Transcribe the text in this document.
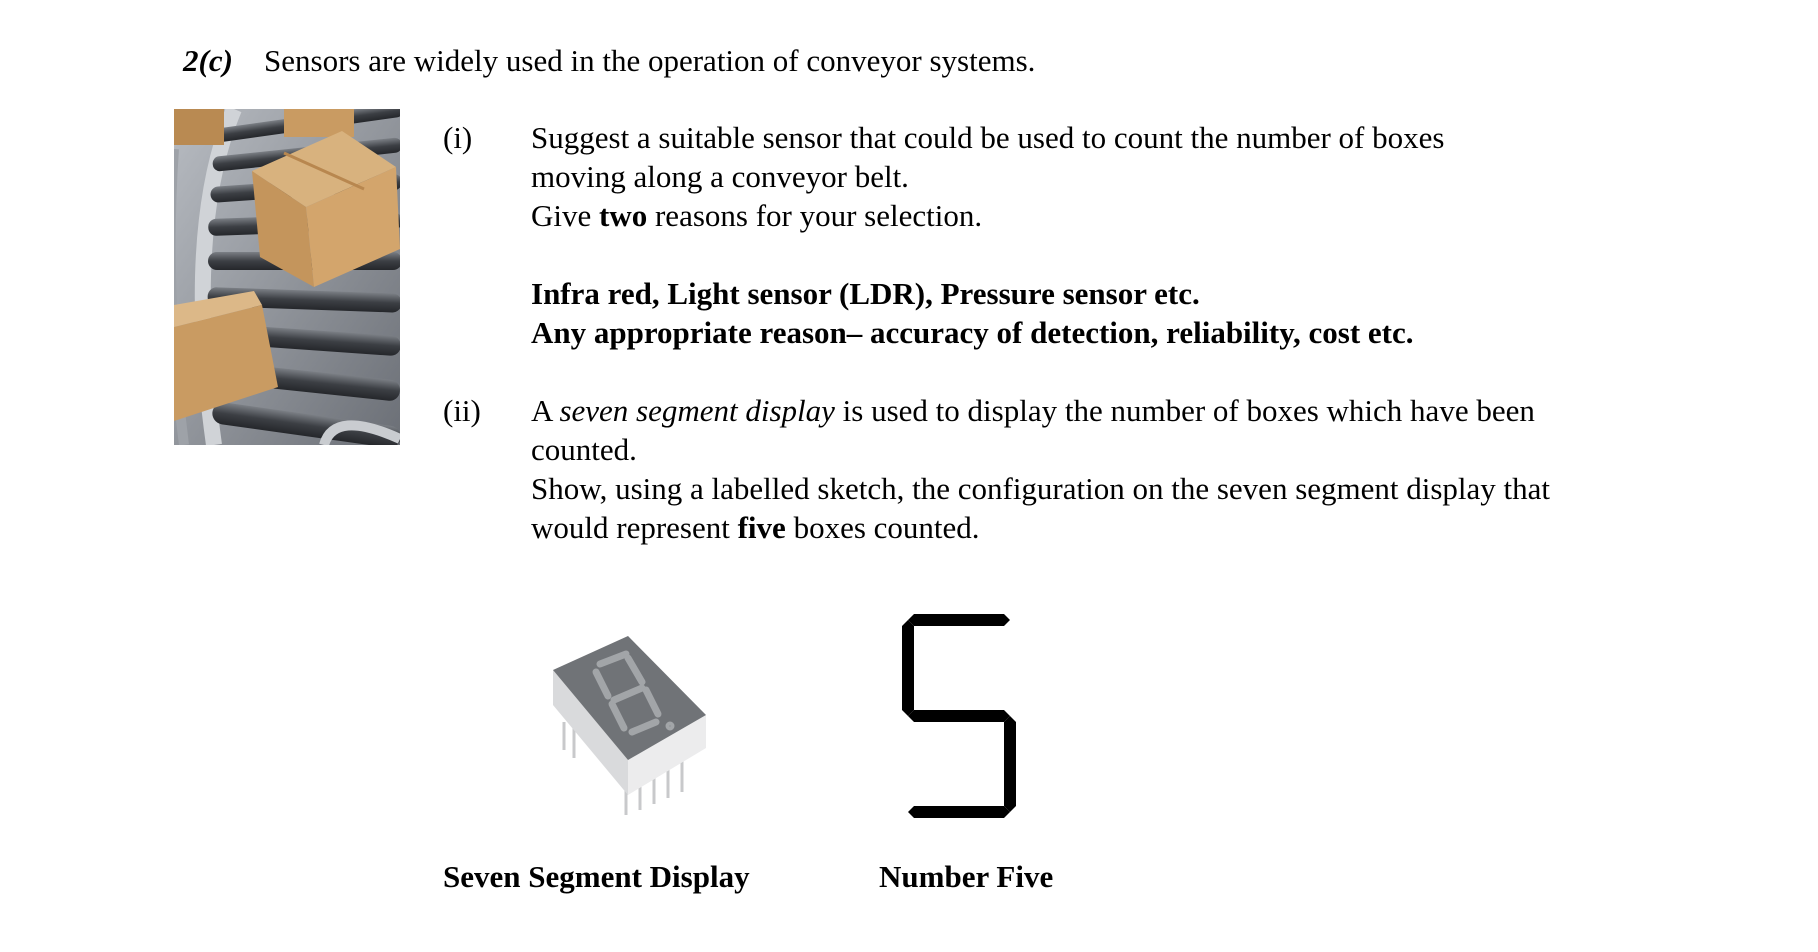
2(c) Sensors are widely used in the operation of conveyor systems.
(i) Suggest a suitable sensor that could be used to count the number of boxes
moving along a conveyor belt.
Give two reasons for your selection.
Infra red, Light sensor (LDR), Pressure sensor etc.
Any appropriate reason– accuracy of detection, reliability, cost etc.
(ii) A seven segment display is used to display the number of boxes which have been
counted.
Show, using a labelled sketch, the configuration on the seven segment display that
would represent five boxes counted.
Seven Segment Display	Number Five
